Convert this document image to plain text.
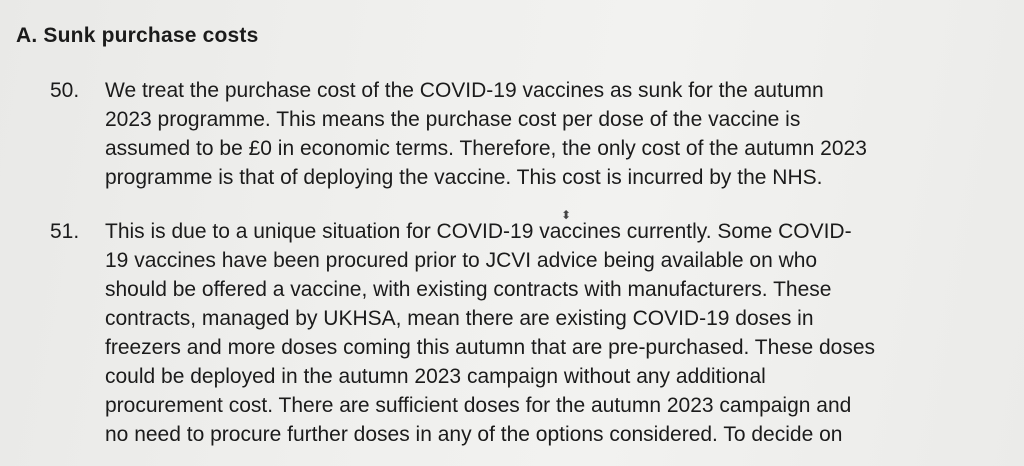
A. Sunk purchase costs
50. We treat the purchase cost of the COVID-19 vaccines as sunk for the autumn
2023 programme. This means the purchase cost per dose of the vaccine is
assumed to be £0 in economic terms. Therefore, the only cost of the autumn 2023
programme is that of deploying the vaccine. This cost is incurred by the NHS.
51. This is due to a unique situation for COVID-19 vaccines currently. Some COVID-
19 vaccines have been procured prior to JCVI advice being available on who
should be offered a vaccine, with existing contracts with manufacturers. These
contracts, managed by UKHSA, mean there are existing COVID-19 doses in
freezers and more doses coming this autumn that are pre-purchased. These doses
could be deployed in the autumn 2023 campaign without any additional
procurement cost. There are sufficient doses for the autumn 2023 campaign and
no need to procure further doses in any of the options considered. To decide on
⬍
